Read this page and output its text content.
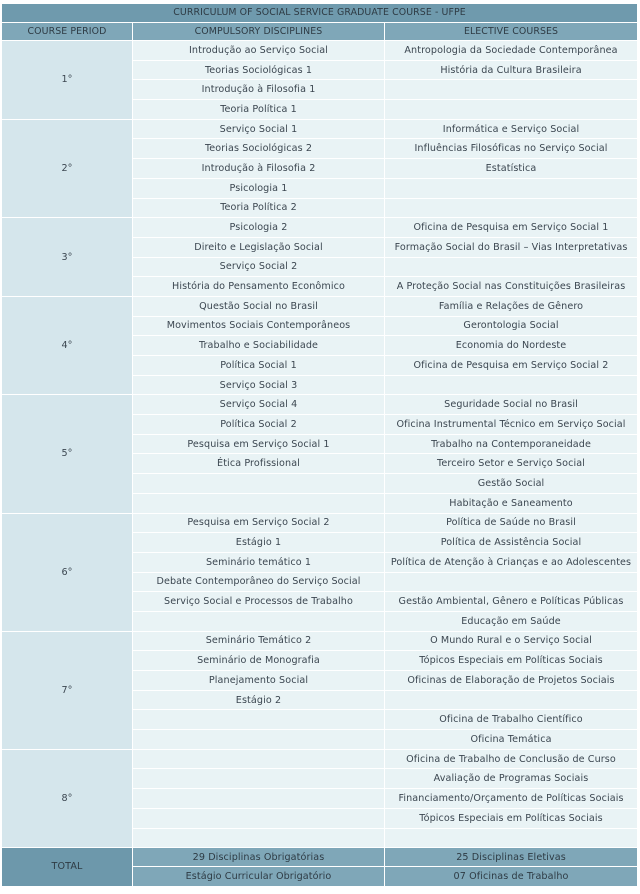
CURRICULUM OF SOCIAL SERVICE GRADUATE COURSE - UFPE		
COURSE PERIOD	COMPULSORY DISCIPLINES	ELECTIVE COURSES
1°	Introdução ao Serviço Social	Antropologia da Sociedade Contemporânea
	Teorias Sociológicas 1	História da Cultura Brasileira
	Introdução à Filosofia 1	
	Teoria Política 1	
2°	Serviço Social 1	Informática e Serviço Social
	Teorias Sociológicas 2	Influências Filosóficas no Serviço Social
	Introdução à Filosofia 2	Estatística
	Psicologia 1	
	Teoria Política 2	
3°	Psicologia 2	Oficina de Pesquisa em Serviço Social 1
	Direito e Legislação Social	Formação Social do Brasil – Vias Interpretativas
	Serviço Social 2	
	História do Pensamento Econômico	A Proteção Social nas Constituições Brasileiras
4°	Questão Social no Brasil	Família e Relações de Gênero
	Movimentos Sociais Contemporâneos	Gerontologia Social
	Trabalho e Sociabilidade	Economia do Nordeste
	Política Social 1	Oficina de Pesquisa em Serviço Social 2
	Serviço Social 3	
5°	Serviço Social 4	Seguridade Social no Brasil
	Política Social 2	Oficina Instrumental Técnico em Serviço Social
	Pesquisa em Serviço Social 1	Trabalho na Contemporaneidade
	Ética Profissional	Terceiro Setor e Serviço Social
		Gestão Social
		Habitação e Saneamento
6°	Pesquisa em Serviço Social 2	Política de Saúde no Brasil
	Estágio 1	Política de Assistência Social
	Seminário temático 1	Política de Atenção à Crianças e ao Adolescentes
	Debate Contemporâneo do Serviço Social	
	Serviço Social e Processos de Trabalho	Gestão Ambiental, Gênero e Políticas Públicas
		Educação em Saúde
7°	Seminário Temático 2	O Mundo Rural e o Serviço Social
	Seminário de Monografia	Tópicos Especiais em Políticas Sociais
	Planejamento Social	Oficinas de Elaboração de Projetos Sociais
	Estágio 2	
		Oficina de Trabalho Científico
		Oficina Temática
8°		Oficina de Trabalho de Conclusão de Curso
		Avaliação de Programas Sociais
		Financiamento/Orçamento de Políticas Sociais
		Tópicos Especiais em Políticas Sociais

TOTAL	29 Disciplinas Obrigatórias	25 Disciplinas Eletivas
	Estágio Curricular Obrigatório	07 Oficinas de Trabalho
